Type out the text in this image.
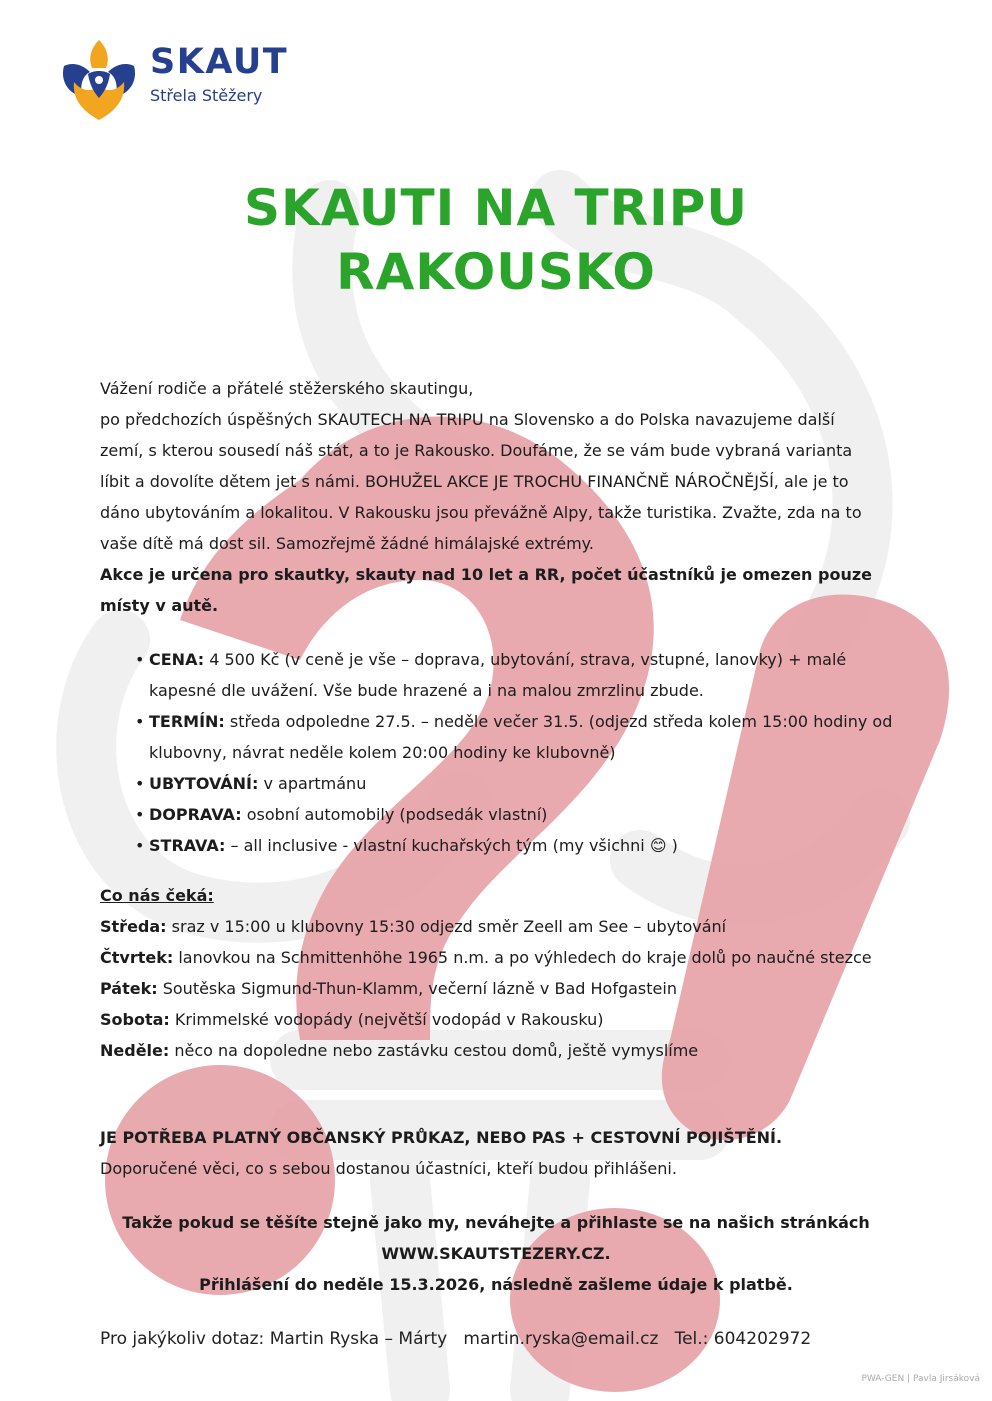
SKAUT
Střela Stěžery
SKAUTI NA TRIPU
RAKOUSKO

Vážení rodiče a přátelé stěžerského skautingu,

po předchozích úspěšných SKAUTECH NA TRIPU na Slovensko a do Polska navazujeme další zemí, s kterou sousedí náš stát, a to je Rakousko. Doufáme, že se vám bude vybraná varianta líbit a dovolíte dětem jet s námi. BOHUŽEL AKCE JE TROCHU FINANČNĚ NÁROČNĚJŠÍ, ale je to dáno ubytováním a lokalitou. V Rakousku jsou převážně Alpy, takže turistika. Zvažte, zda na to vaše dítě má dost sil. Samozřejmě žádné himálajské extrémy.

Akce je určena pro skautky, skauty nad 10 let a RR, počet účastníků je omezen pouze místy v autě.

• CENA: 4 500 Kč (v ceně je vše – doprava, ubytování, strava, vstupné, lanovky) + malé kapesné dle uvážení. Vše bude hrazené a i na malou zmrzlinu zbude.
• TERMÍN: středa odpoledne 27.5. – neděle večer 31.5. (odjezd středa kolem 15:00 hodiny od klubovny, návrat neděle kolem 20:00 hodiny ke klubovně)
• UBYTOVÁNÍ: v apartmánu
• DOPRAVA: osobní automobily (podsedák vlastní)
• STRAVA: – all inclusive - vlastní kuchařských tým (my všichni 😊 )
Co nás čeká:
Středa: sraz v 15:00 u klubovny 15:30 odjezd směr Zeell am See – ubytování
Čtvrtek: lanovkou na Schmittenhöhe 1965 n.m. a po výhledech do kraje dolů po naučné stezce
Pátek: Soutěska Sigmund-Thun-Klamm, večerní lázně v Bad Hofgastein
Sobota: Krimmelské vodopády (největší vodopád v Rakousku)
Neděle: něco na dopoledne nebo zastávku cestou domů, ještě vymyslíme
JE POTŘEBA PLATNÝ OBČANSKÝ PRŮKAZ, NEBO PAS + CESTOVNÍ POJIŠTĚNÍ.
Doporučené věci, co s sebou dostanou účastníci, kteří budou přihlášeni.
Takže pokud se těšíte stejně jako my, neváhejte a přihlaste se na našich stránkách
WWW.SKAUTSTEZERY.CZ.
Přihlášení do neděle 15.3.2026, následně zašleme údaje k platbě.
Pro jakýkoliv dotaz: Martin Ryska – Márty   martin.ryska@email.cz   Tel.: 604202972
PWA-GEN | Pavla Jirsáková
